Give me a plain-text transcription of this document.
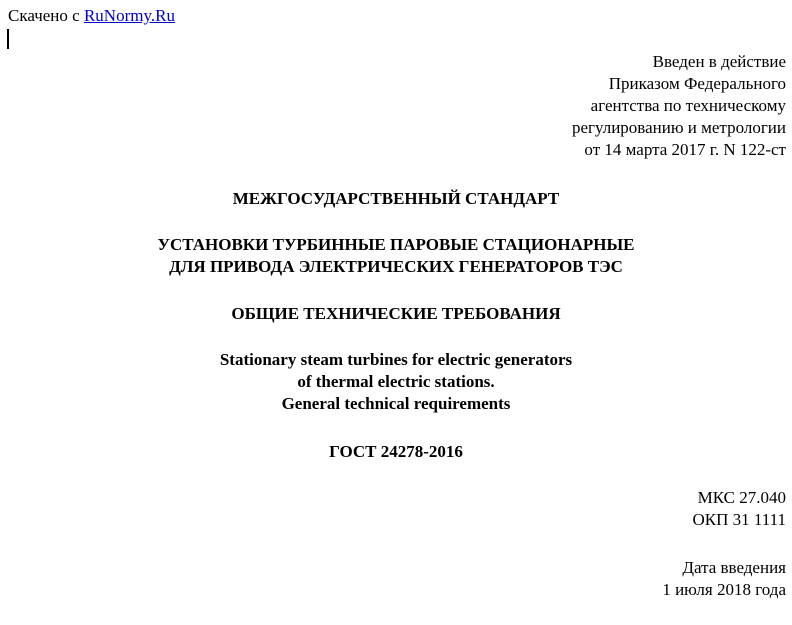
Скачено с RuNormy.Ru
Введен в действие
Приказом Федерального
агентства по техническому
регулированию и метрологии
от 14 марта 2017 г. N 122-ст
МЕЖГОСУДАРСТВЕННЫЙ СТАНДАРТ
УСТАНОВКИ ТУРБИННЫЕ ПАРОВЫЕ СТАЦИОНАРНЫЕ
ДЛЯ ПРИВОДА ЭЛЕКТРИЧЕСКИХ ГЕНЕРАТОРОВ ТЭС
ОБЩИЕ ТЕХНИЧЕСКИЕ ТРЕБОВАНИЯ
Stationary steam turbines for electric generators
of thermal electric stations.
General technical requirements
ГОСТ 24278-2016
МКС 27.040
ОКП 31 1111
Дата введения
1 июля 2018 года
